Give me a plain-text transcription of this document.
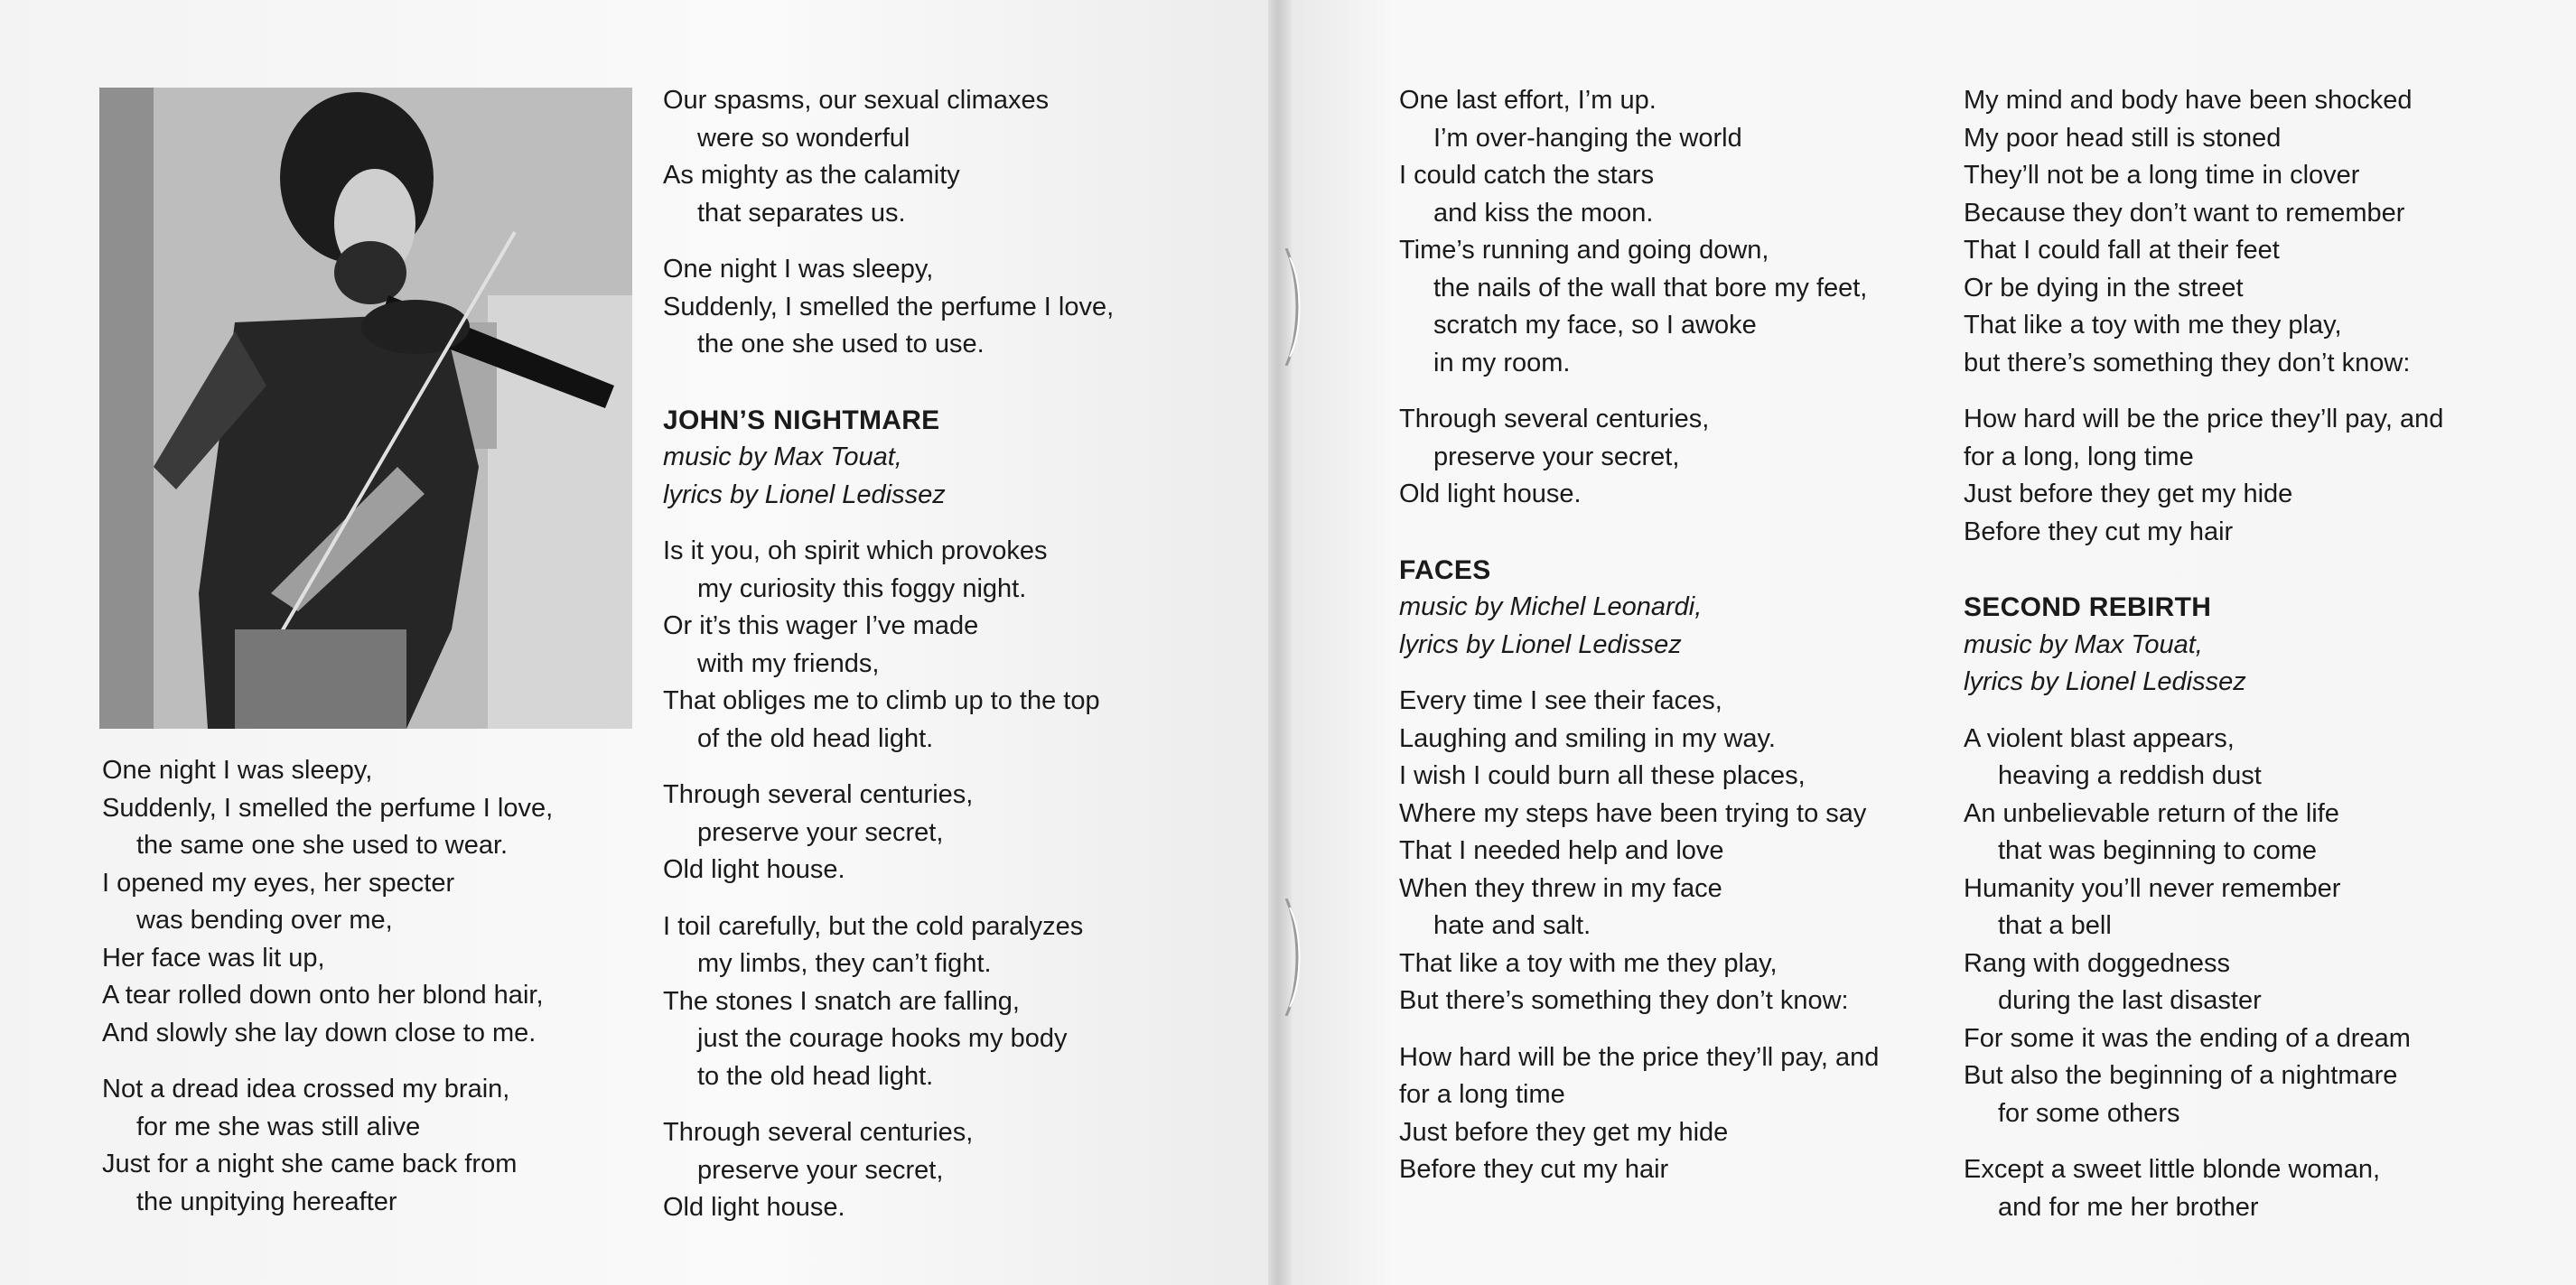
One night I was sleepy,
Suddenly, I smelled the perfume I love,
the same one she used to wear.
I opened my eyes, her specter
was bending over me,
Her face was lit up,
A tear rolled down onto her blond hair,
And slowly she lay down close to me.
Not a dread idea crossed my brain,
for me she was still alive
Just for a night she came back from
the unpitying hereafter
Our spasms, our sexual climaxes
were so wonderful
As mighty as the calamity
that separates us.
One night I was sleepy,
Suddenly, I smelled the perfume I love,
the one she used to use.
JOHN’S NIGHTMARE
music by Max Touat,
lyrics by Lionel Ledissez
Is it you, oh spirit which provokes
my curiosity this foggy night.
Or it’s this wager I’ve made
with my friends,
That obliges me to climb up to the top
of the old head light.
Through several centuries,
preserve your secret,
Old light house.
I toil carefully, but the cold paralyzes
my limbs, they can’t fight.
The stones I snatch are falling,
just the courage hooks my body
to the old head light.
Through several centuries,
preserve your secret,
Old light house.
One last effort, I’m up.
I’m over-hanging the world
I could catch the stars
and kiss the moon.
Time’s running and going down,
the nails of the wall that bore my feet,
scratch my face, so I awoke
in my room.
Through several centuries,
preserve your secret,
Old light house.
FACES
music by Michel Leonardi,
lyrics by Lionel Ledissez
Every time I see their faces,
Laughing and smiling in my way.
I wish I could burn all these places,
Where my steps have been trying to say
That I needed help and love
When they threw in my face
hate and salt.
That like a toy with me they play,
But there’s something they don’t know:
How hard will be the price they’ll pay, and
for a long time
Just before they get my hide
Before they cut my hair
My mind and body have been shocked
My poor head still is stoned
They’ll not be a long time in clover
Because they don’t want to remember
That I could fall at their feet
Or be dying in the street
That like a toy with me they play,
but there’s something they don’t know:
How hard will be the price they’ll pay, and
for a long, long time
Just before they get my hide
Before they cut my hair
SECOND REBIRTH
music by Max Touat,
lyrics by Lionel Ledissez
A violent blast appears,
heaving a reddish dust
An unbelievable return of the life
that was beginning to come
Humanity you’ll never remember
that a bell
Rang with doggedness
during the last disaster
For some it was the ending of a dream
But also the beginning of a nightmare
for some others
Except a sweet little blonde woman,
and for me her brother
